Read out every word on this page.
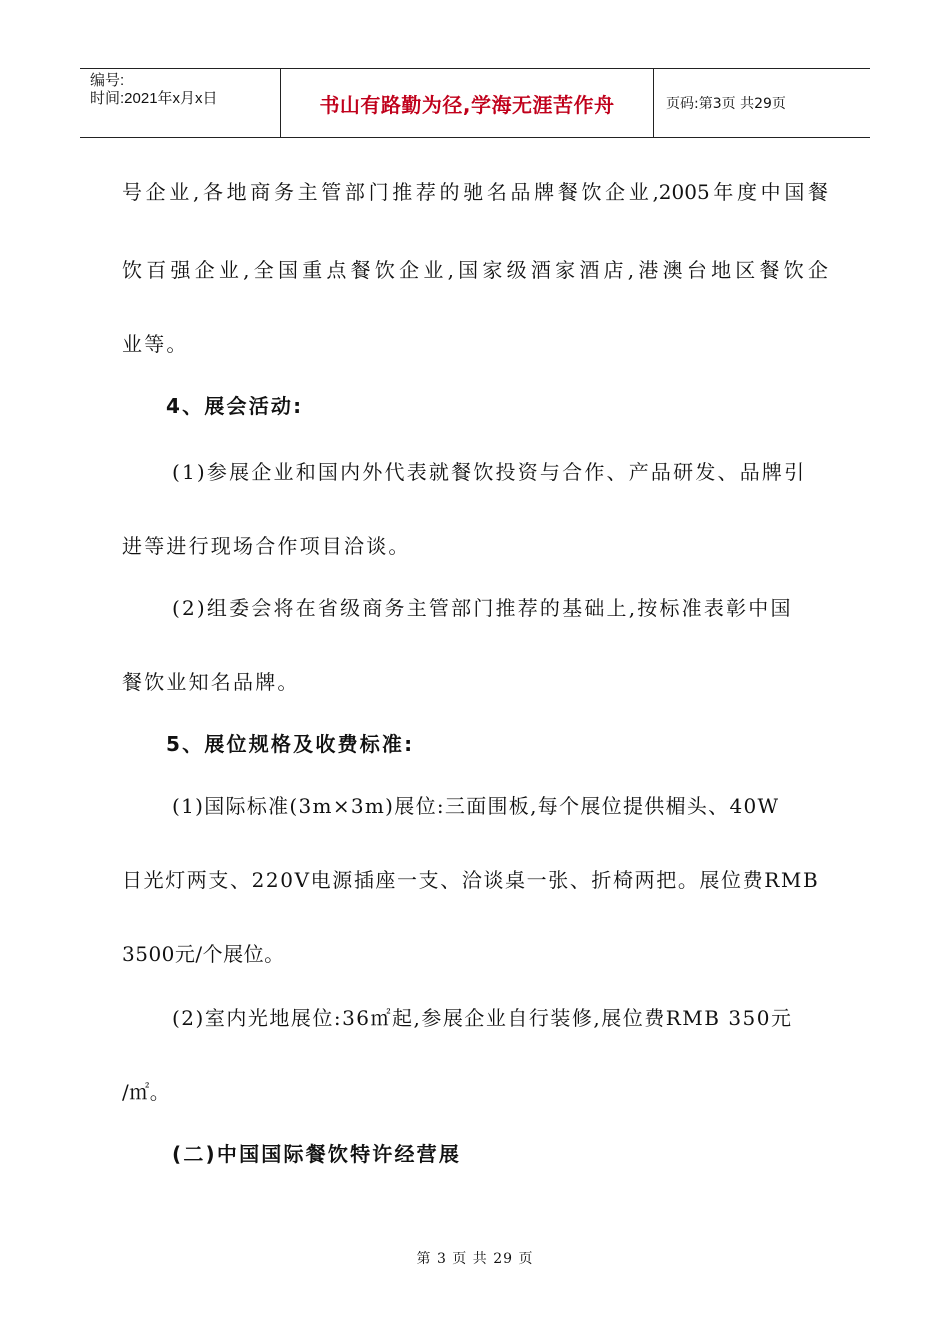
编号:
时间:2021年x月x日	书山有路勤为径,学海无涯苦作舟	页码:第3页 共29页
号企业,各地商务主管部门推荐的驰名品牌餐饮企业,2005年度中国餐
饮百强企业,全国重点餐饮企业,国家级酒家酒店,港澳台地区餐饮企
业等。
4、展会活动:
(1)参展企业和国内外代表就餐饮投资与合作、产品研发、品牌引
进等进行现场合作项目洽谈。
(2)组委会将在省级商务主管部门推荐的基础上,按标准表彰中国
餐饮业知名品牌。
5、展位规格及收费标准:
(1)国际标准(3m×3m)展位:三面围板,每个展位提供楣头、40W
日光灯两支、220V电源插座一支、洽谈桌一张、折椅两把。展位费RMB
3500元/个展位。
(2)室内光地展位:36㎡起,参展企业自行装修,展位费RMB 350元
/㎡。
(二)中国国际餐饮特许经营展
第 3 页 共 29 页
